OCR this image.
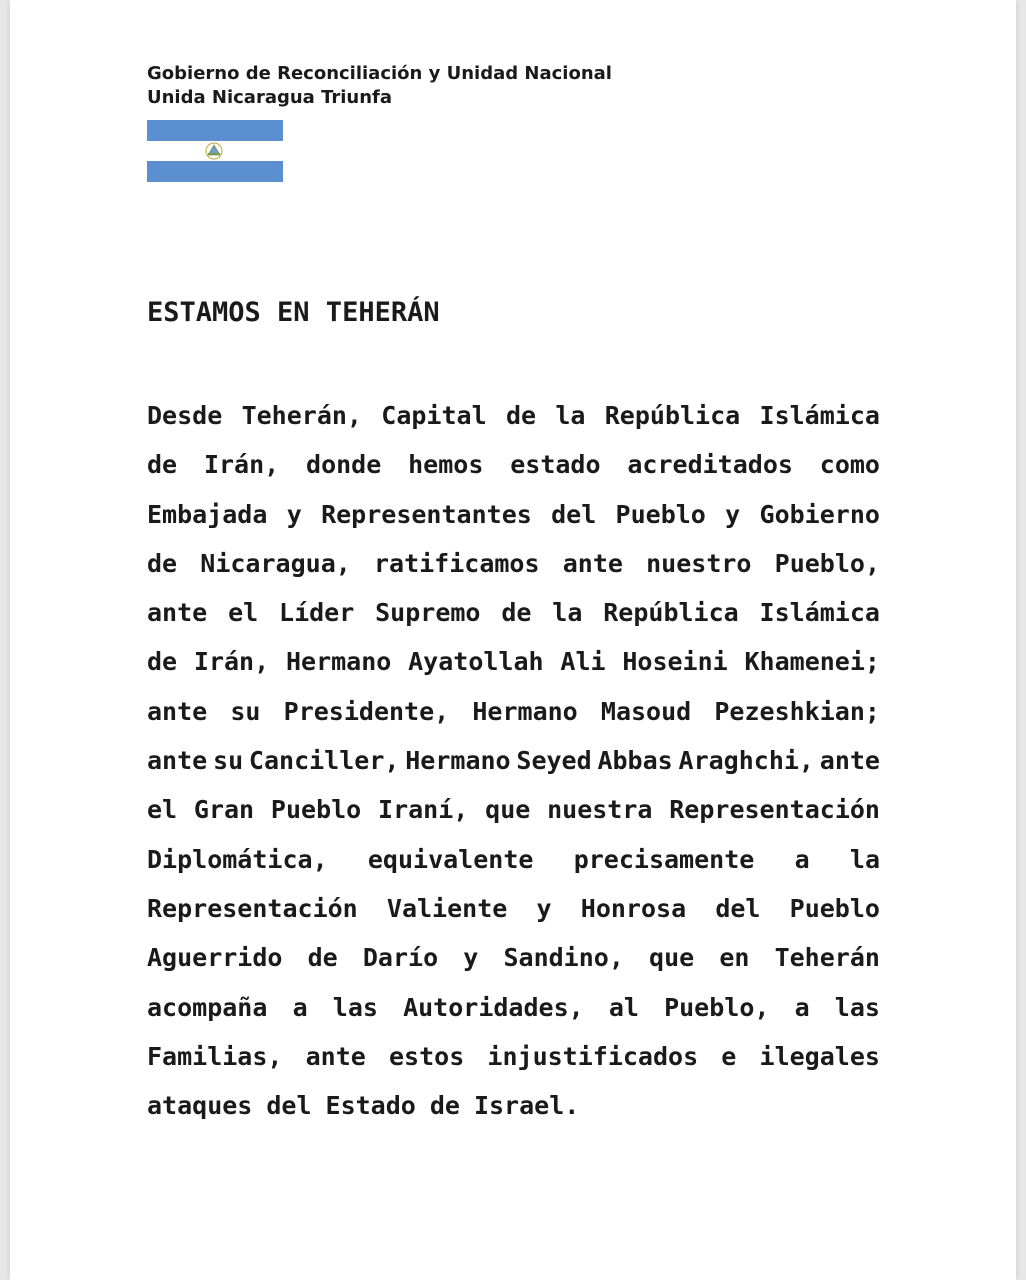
Gobierno de Reconciliación y Unidad Nacional
Unida Nicaragua Triunfa
ESTAMOS EN TEHERÁN
Desde Teherán, Capital de la República Islámica
de Irán, donde hemos estado acreditados como
Embajada y Representantes del Pueblo y Gobierno
de Nicaragua, ratificamos ante nuestro Pueblo,
ante el Líder Supremo de la República Islámica
de Irán, Hermano Ayatollah Ali Hoseini Khamenei;
ante su Presidente, Hermano Masoud Pezeshkian;
ante su Canciller, Hermano Seyed Abbas Araghchi, ante
el Gran Pueblo Iraní, que nuestra Representación
Diplomática, equivalente precisamente a la
Representación Valiente y Honrosa del Pueblo
Aguerrido de Darío y Sandino, que en Teherán
acompaña a las Autoridades, al Pueblo, a las
Familias, ante estos injustificados e ilegales
ataques del Estado de Israel.
